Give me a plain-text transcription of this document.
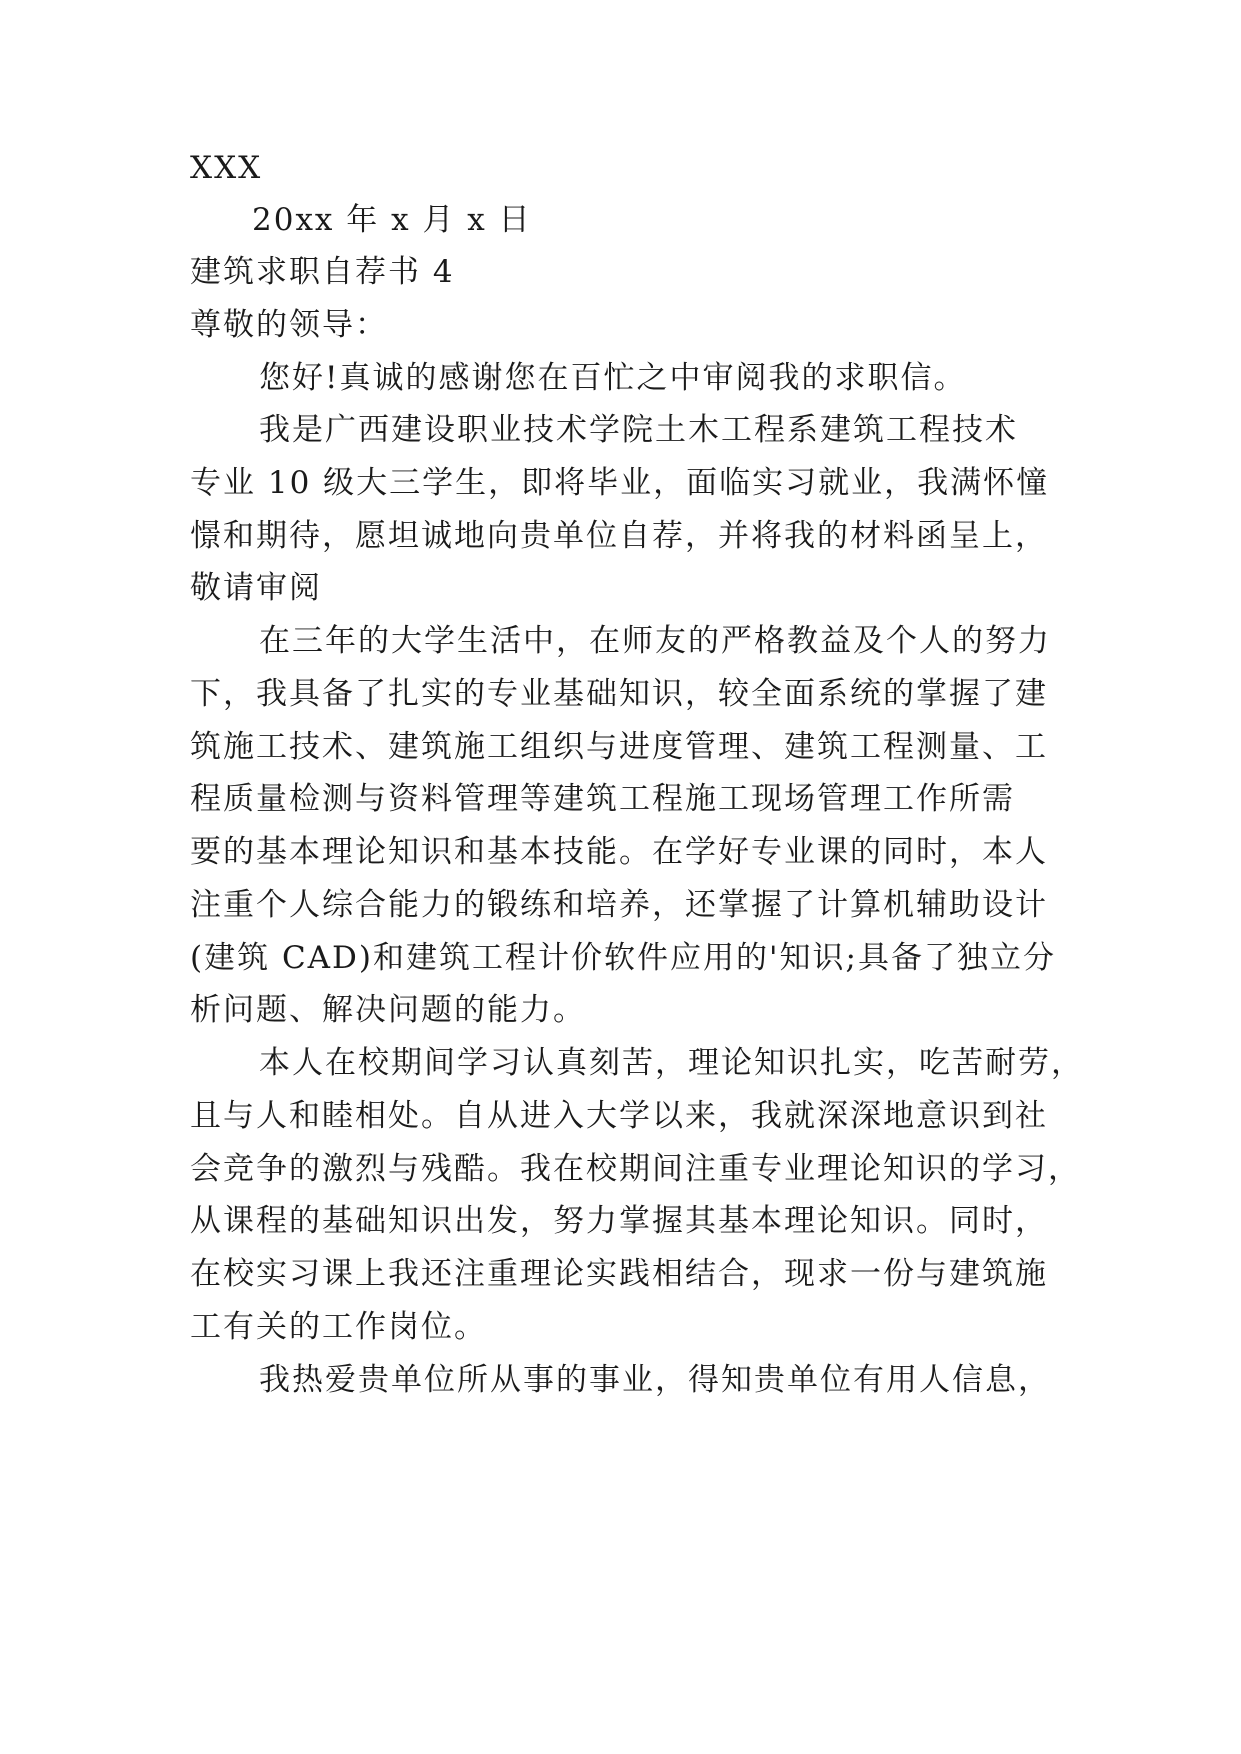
XXX
20xx 年 x 月 x 日
建筑求职自荐书 4
尊敬的领导：
您好!真诚的感谢您在百忙之中审阅我的求职信。
我是广西建设职业技术学院土木工程系建筑工程技术
专业 10 级大三学生，即将毕业，面临实习就业，我满怀憧
憬和期待，愿坦诚地向贵单位自荐，并将我的材料函呈上，
敬请审阅
在三年的大学生活中，在师友的严格教益及个人的努力
下，我具备了扎实的专业基础知识，较全面系统的掌握了建
筑施工技术、建筑施工组织与进度管理、建筑工程测量、工
程质量检测与资料管理等建筑工程施工现场管理工作所需
要的基本理论知识和基本技能。在学好专业课的同时，本人
注重个人综合能力的锻练和培养，还掌握了计算机辅助设计
(建筑 CAD)和建筑工程计价软件应用的'知识;具备了独立分
析问题、解决问题的能力。
本人在校期间学习认真刻苦，理论知识扎实，吃苦耐劳，
且与人和睦相处。自从进入大学以来，我就深深地意识到社
会竞争的激烈与残酷。我在校期间注重专业理论知识的学习，
从课程的基础知识出发，努力掌握其基本理论知识。同时，
在校实习课上我还注重理论实践相结合，现求一份与建筑施
工有关的工作岗位。
我热爱贵单位所从事的事业，得知贵单位有用人信息，
